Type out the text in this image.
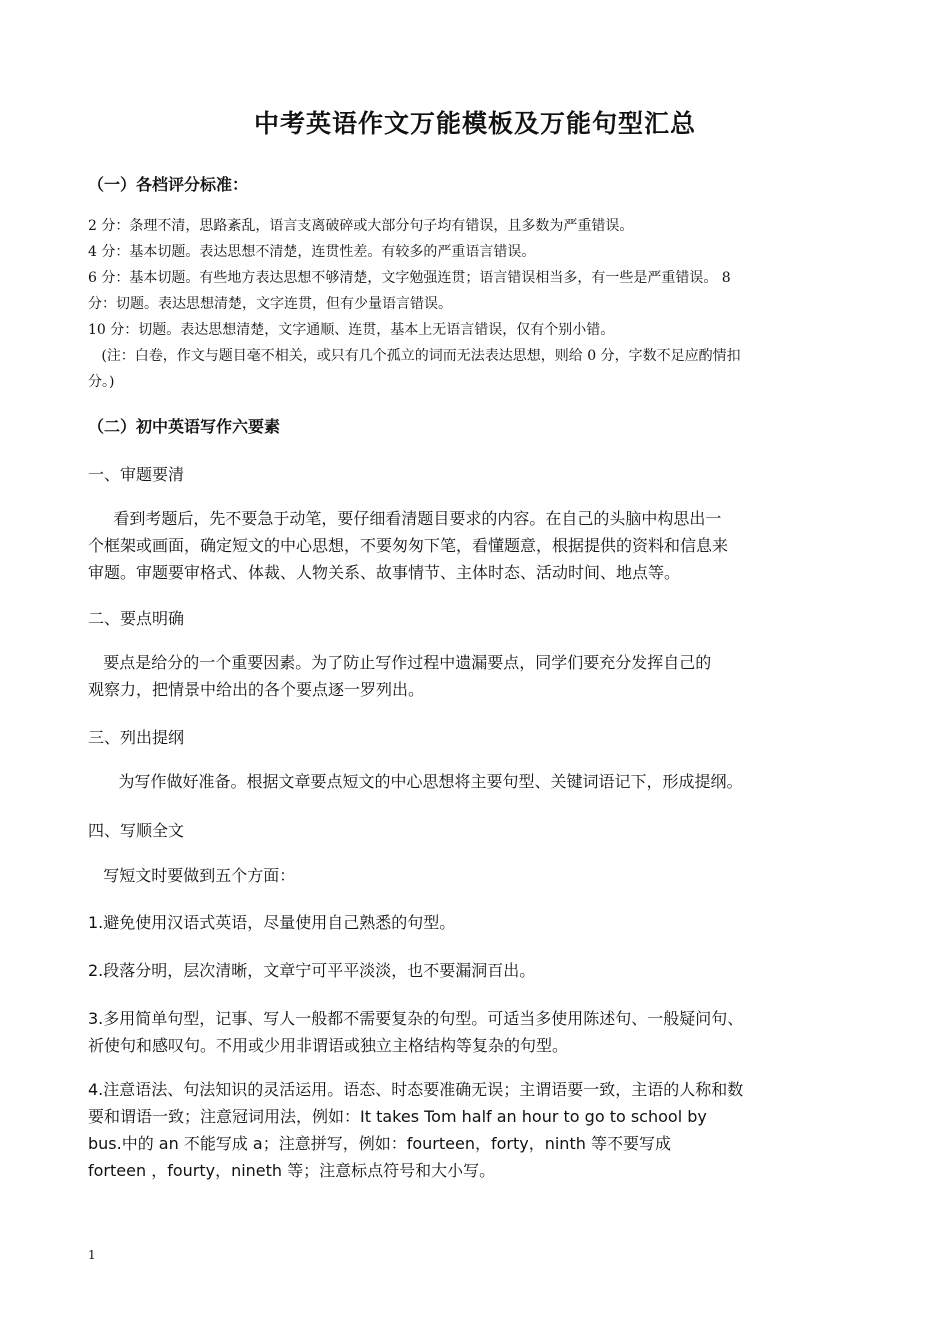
中考英语作文万能模板及万能句型汇总
（一）各档评分标准：
2 分：条理不清，思路紊乱，语言支离破碎或大部分句子均有错误，且多数为严重错误。
4 分：基本切题。表达思想不清楚，连贯性差。有较多的严重语言错误。
6 分：基本切题。有些地方表达思想不够清楚，文字勉强连贯；语言错误相当多，有一些是严重错误。 8
分：切题。表达思想清楚，文字连贯，但有少量语言错误。
10 分：切题。表达思想清楚，文字通顺、连贯，基本上无语言错误，仅有个别小错。
(注：白卷，作文与题目毫不相关，或只有几个孤立的词而无法表达思想，则给 0 分，字数不足应酌情扣
分。)
（二）初中英语写作六要素
一、审题要清
看到考题后，先不要急于动笔，要仔细看清题目要求的内容。在自己的头脑中构思出一
个框架或画面，确定短文的中心思想，不要匆匆下笔，看懂题意，根据提供的资料和信息来
审题。审题要审格式、体裁、人物关系、故事情节、主体时态、活动时间、地点等。
二、要点明确
要点是给分的一个重要因素。为了防止写作过程中遗漏要点，同学们要充分发挥自己的
观察力，把情景中给出的各个要点逐一罗列出。
三、列出提纲
为写作做好准备。根据文章要点短文的中心思想将主要句型、关键词语记下，形成提纲。
四、写顺全文
写短文时要做到五个方面：
1.避免使用汉语式英语，尽量使用自己熟悉的句型。
2.段落分明，层次清晰，文章宁可平平淡淡，也不要漏洞百出。
3.多用简单句型，记事、写人一般都不需要复杂的句型。可适当多使用陈述句、一般疑问句、
祈使句和感叹句。不用或少用非谓语或独立主格结构等复杂的句型。
4.注意语法、句法知识的灵活运用。语态、时态要准确无误；主谓语要一致，主语的人称和数
要和谓语一致；注意冠词用法，例如：It takes Tom half an hour to go to school by
bus.中的 an 不能写成 a；注意拼写，例如：fourteen，forty，ninth 等不要写成
forteen ，fourty，nineth 等；注意标点符号和大小写。
1
